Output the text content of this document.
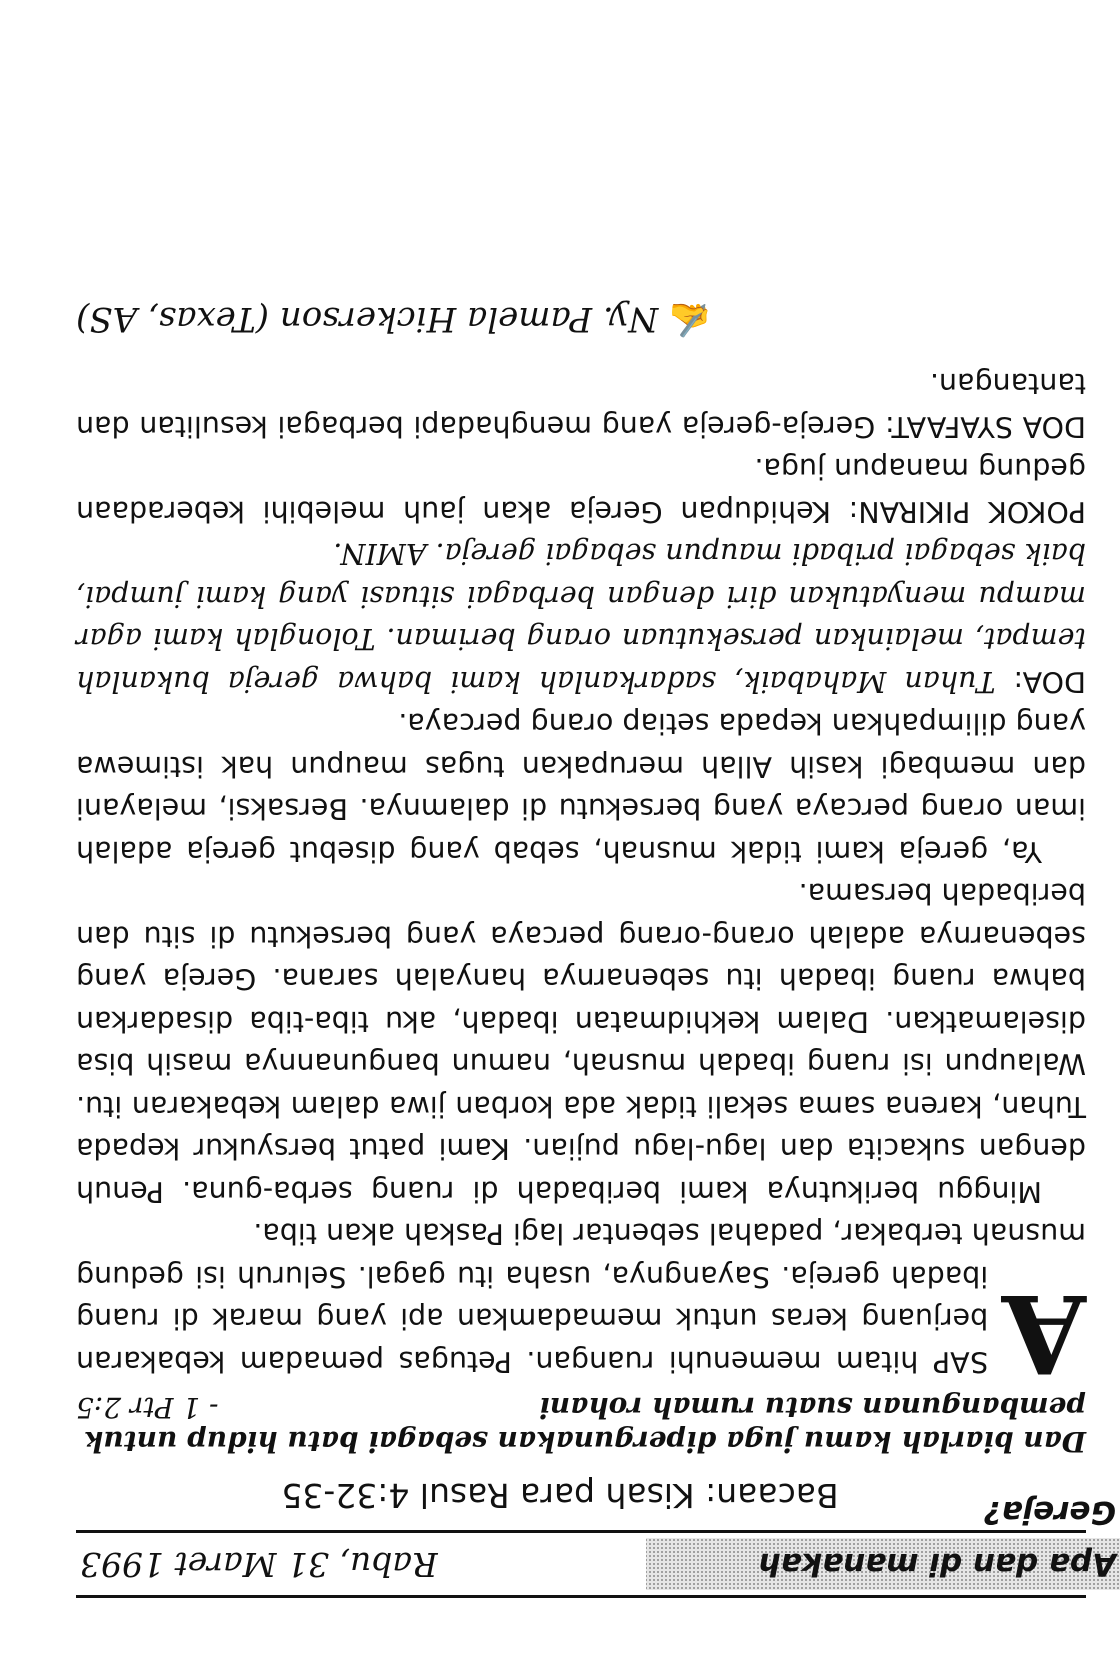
Apa dan di manakah Gereja?
Rabu, 31 Maret 1993
Bacaan: Kisah para Rasul 4:32-35
Dan biarlah kamu juga dipergunakan sebagai batu hidup untuk pembangunan suatu rumah rohani
- 1 Ptr 2:5

A
SAP hitam memenuhi ruangan. Petugas pemadam kebakaran berjuang keras untuk memadamkan api yang marak di ruang ibadah gereja. Sayangnya, usaha itu gagal. Seluruh isi gedung musnah terbakar, padahal sebentar lagi Paskah akan tiba.

Minggu berikutnya kami beribadah di ruang serba-guna. Penuh dengan sukacita dan lagu-lagu pujian. Kami patut bersyukur kepada Tuhan, karena sama sekali tidak ada korban jiwa dalam kebakaran itu. Walaupun isi ruang ibadah musnah, namun bangunannya masih bisa diselamatkan. Dalam kekhidmatan ibadah, aku tiba-tiba disadarkan bahwa ruang ibadah itu sebenarnya hanyalah sarana. Gereja yang sebenarnya adalah orang-orang percaya yang bersekutu di situ dan beribadah bersama.

Ya, gereja kami tidak musnah, sebab yang disebut gereja adalah iman orang percaya yang bersekutu di dalamnya. Bersaksi, melayani dan membagi kasih Allah merupakan tugas maupun hak istimewa yang dilimpahkan kepada setiap orang percaya.

DOA: Tuhan Mahabaik, sadarkanlah kami bahwa gereja bukanlah tempat, melainkan persekutuan orang beriman. Tolonglah kami agar mampu menyatukan diri dengan berbagai situasi yang kami jumpai, baik sebagai pribadi maupun sebagai gereja. AMIN.

POKOK PIKIRAN: Kehidupan Gereja akan jauh melebihi keberadaan gedung manapun juga.

DOA SYAFAAT: Gereja-gereja yang menghadapi berbagai kesulitan dan tantangan.

✍ Ny. Pamela Hickerson (Texas, AS)
